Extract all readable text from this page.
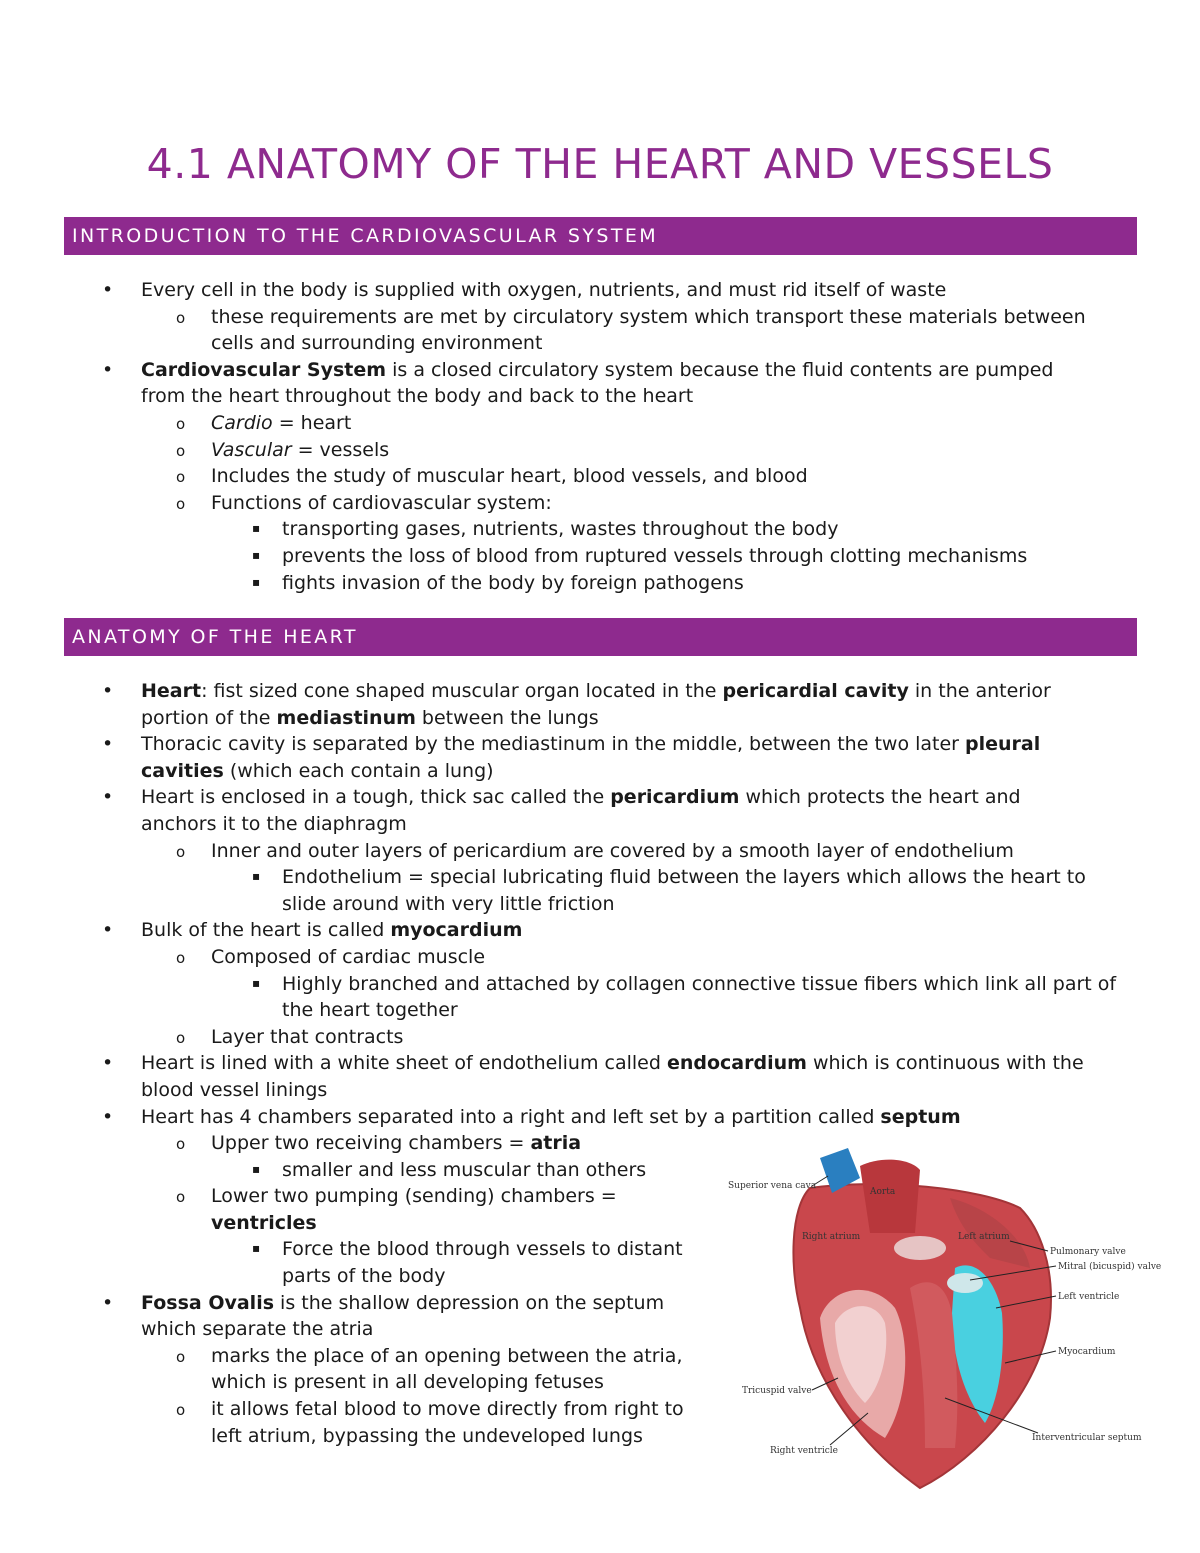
4.1 ANATOMY OF THE HEART AND VESSELS
INTRODUCTION TO THE CARDIOVASCULAR SYSTEM
• Every cell in the body is supplied with oxygen, nutrients, and must rid itself of waste
o these requirements are met by circulatory system which transport these materials between cells and surrounding environment
• Cardiovascular System is a closed circulatory system because the fluid contents are pumped from the heart throughout the body and back to the heart
o Cardio = heart
o Vascular = vessels
o Includes the study of muscular heart, blood vessels, and blood
o Functions of cardiovascular system:
▪ transporting gases, nutrients, wastes throughout the body
▪ prevents the loss of blood from ruptured vessels through clotting mechanisms
▪ fights invasion of the body by foreign pathogens
ANATOMY OF THE HEART
• Heart: fist sized cone shaped muscular organ located in the pericardial cavity in the anterior portion of the mediastinum between the lungs
• Thoracic cavity is separated by the mediastinum in the middle, between the two later pleural cavities (which each contain a lung)
• Heart is enclosed in a tough, thick sac called the pericardium which protects the heart and anchors it to the diaphragm
o Inner and outer layers of pericardium are covered by a smooth layer of endothelium
▪ Endothelium = special lubricating fluid between the layers which allows the heart to slide around with very little friction
• Bulk of the heart is called myocardium
o Composed of cardiac muscle
▪ Highly branched and attached by collagen connective tissue fibers which link all part of the heart together
o Layer that contracts
• Heart is lined with a white sheet of endothelium called endocardium which is continuous with the blood vessel linings
• Heart has 4 chambers separated into a right and left set by a partition called septum
o Upper two receiving chambers = atria
▪ smaller and less muscular than others
o Lower two pumping (sending) chambers = ventricles
▪ Force the blood through vessels to distant parts of the body
• Fossa Ovalis is the shallow depression on the septum which separate the atria
o marks the place of an opening between the atria, which is present in all developing fetuses
o it allows fetal blood to move directly from right to left atrium, bypassing the undeveloped lungs
Superior vena cava
Aorta
Right atrium	Left atrium
Pulmonary valve
Mitral (bicuspid) valve
Left ventricle
Myocardium
Tricuspid valve
Interventricular septum
Right ventricle
